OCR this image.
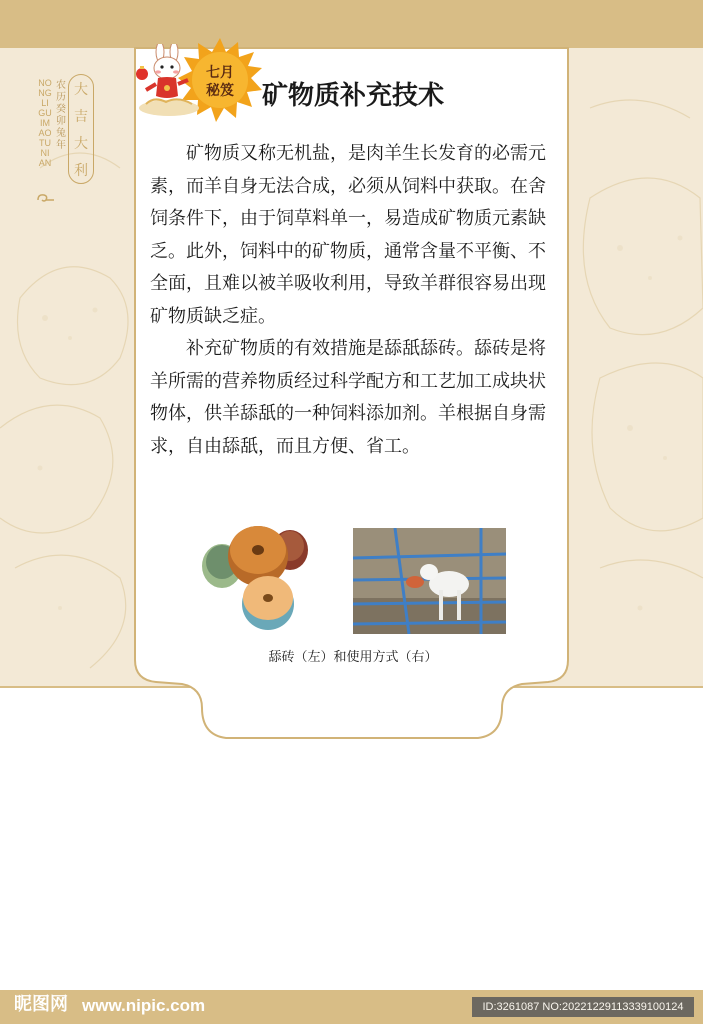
NONGLIGUIMAOTUNIAN
农历癸卯兔年
大
吉
大
利
七月
秘笈	矿物质补充技术

矿物质又称无机盐，是肉羊生长发育的必需元素，而羊自身无法合成，必须从饲料中获取。在舍饲条件下，由于饲草料单一，易造成矿物质元素缺乏。此外，饲料中的矿物质，通常含量不平衡、不全面，且难以被羊吸收利用，导致羊群很容易出现矿物质缺乏症。

补充矿物质的有效措施是舔舐舔砖。舔砖是将羊所需的营养物质经过科学配方和工艺加工成块状物体，供羊舔舐的一种饲料添加剂。羊根据自身需求，自由舔舐，而且方便、省工。

舔砖（左）和使用方式（右）
昵图网 www.nipic.com	ID:3261087 NO:20221229113339100124
